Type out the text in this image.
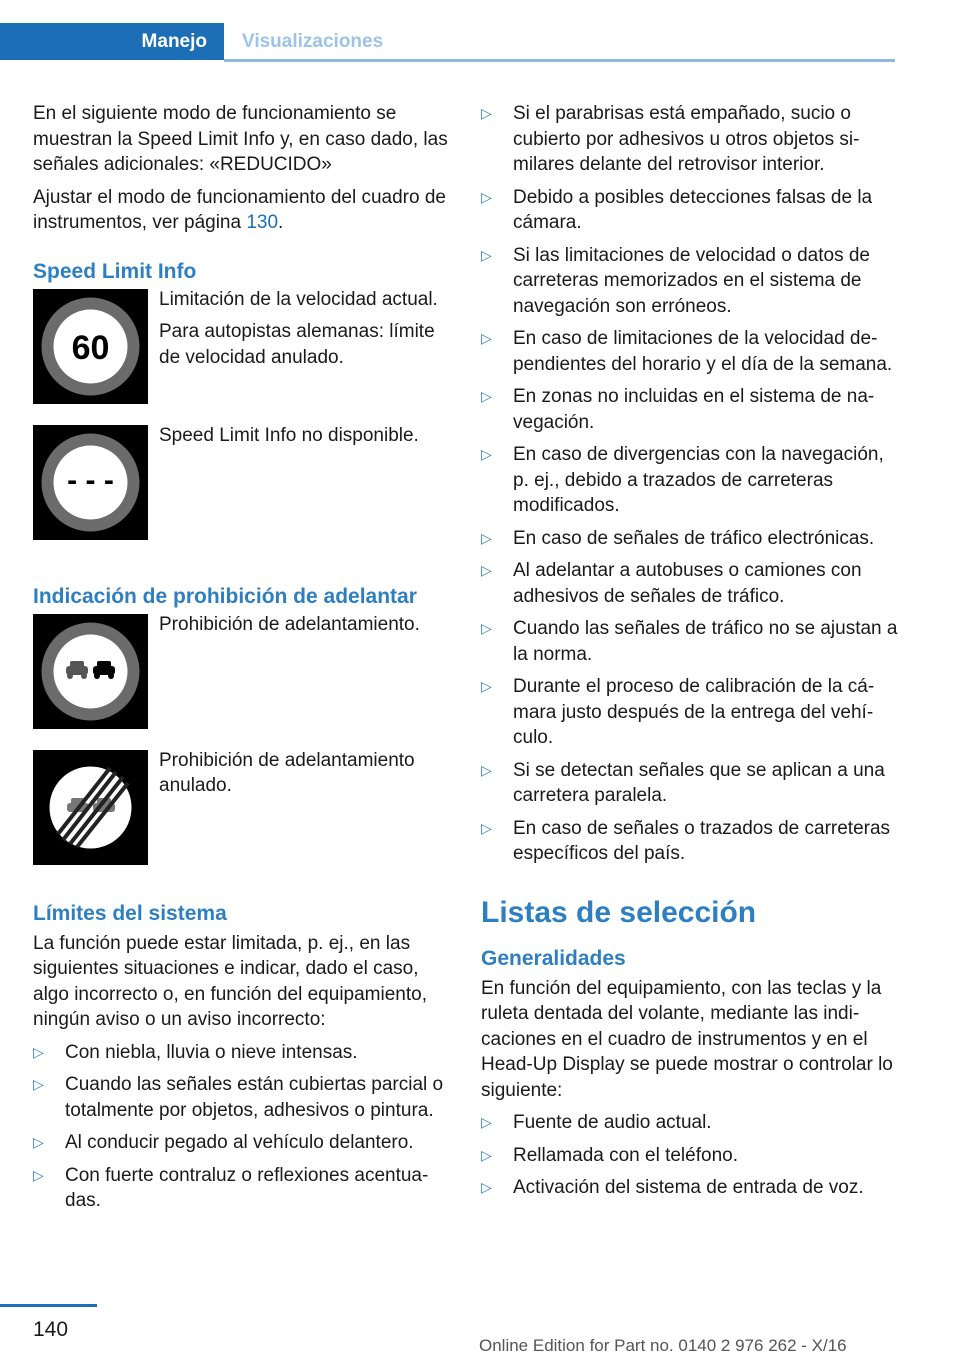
Manejo	Visualizaciones

En el siguiente modo de funcionamiento se muestran la Speed Limit Info y, en caso dado, las señales adicionales: «REDUCIDO»

Ajustar el modo de funcionamiento del cuadro de instrumentos, ver página 130.

Speed Limit Info
60

Limitación de la velocidad actual.

Para autopistas alemanas: límite de velocidad anulado.

- - -

Speed Limit Info no disponible.

Indicación de prohibición de adelantar

Prohibición de adelantamiento.

Prohibición de adelantamiento anulado.

Límites del sistema

La función puede estar limitada, p. ej., en las siguientes situaciones e indicar, dado el caso, algo incorrecto o, en función del equipamiento, ningún aviso o un aviso incorrecto:

▷ Con niebla, lluvia o nieve intensas.
▷ Cuando las señales están cubiertas parcial o totalmente por objetos, adhesivos o pintura.
▷ Al conducir pegado al vehículo delantero.
▷ Con fuerte contraluz o reflexiones acentuadas.
▷ Si el parabrisas está empañado, sucio o cubierto por adhesivos u otros objetos similares delante del retrovisor interior.
▷ Debido a posibles detecciones falsas de la cámara.
▷ Si las limitaciones de velocidad o datos de carreteras memorizados en el sistema de navegación son erróneos.
▷ En caso de limitaciones de la velocidad dependientes del horario y el día de la semana.
▷ En zonas no incluidas en el sistema de navegación.
▷ En caso de divergencias con la navegación, p. ej., debido a trazados de carreteras modificados.
▷ En caso de señales de tráfico electrónicas.
▷ Al adelantar a autobuses o camiones con adhesivos de señales de tráfico.
▷ Cuando las señales de tráfico no se ajustan a la norma.
▷ Durante el proceso de calibración de la cámara justo después de la entrega del vehículo.
▷ Si se detectan señales que se aplican a una carretera paralela.
▷ En caso de señales o trazados de carreteras específicos del país.
Listas de selección
Generalidades

En función del equipamiento, con las teclas y la ruleta dentada del volante, mediante las indicaciones en el cuadro de instrumentos y en el Head-Up Display se puede mostrar o controlar lo siguiente:

▷ Fuente de audio actual.
▷ Rellamada con el teléfono.
▷ Activación del sistema de entrada de voz.
140
Online Edition for Part no. 0140 2 976 262 - X/16
